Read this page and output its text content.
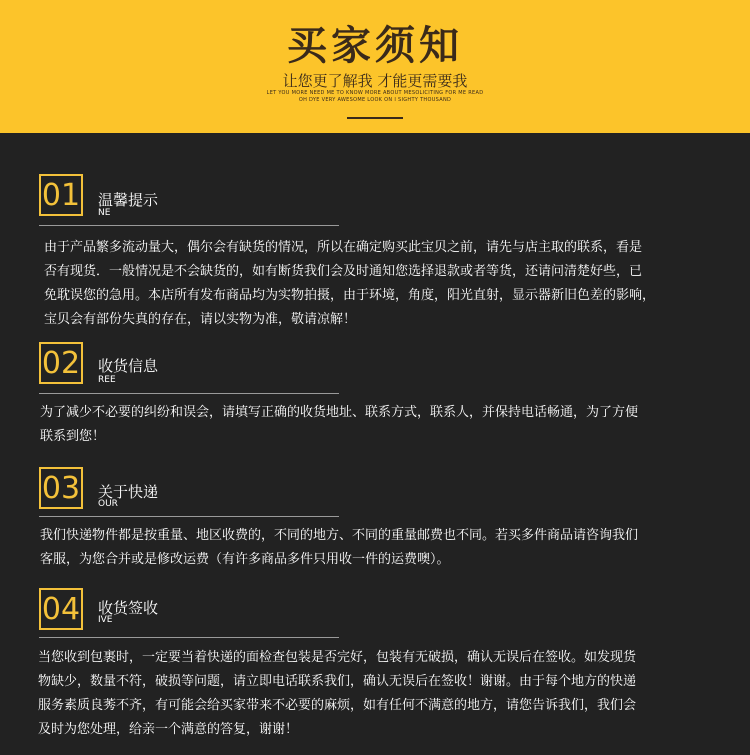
买家须知
让您更了解我 才能更需要我
LET YOU MORE NEED ME TO KNOW MORE ABOUT MESOLICITING FOR ME READ
OH DYE VERY AWESOME LOOK ON I SIGHTY THOUSAND
01 温馨提示
NE
由于产品繁多流动量大，偶尔会有缺货的情况，所以在确定购买此宝贝之前，请先与店主取的联系，看是
否有现货．一般情况是不会缺货的，如有断货我们会及时通知您选择退款或者等货，还请问清楚好些，已
免耽误您的急用。本店所有发布商品均为实物拍摄，由于环境，角度，阳光直射，显示器新旧色差的影响，
宝贝会有部份失真的存在，请以实物为准，敬请凉解！
02 收货信息
REE
为了减少不必要的纠纷和误会，请填写正确的收货地址、联系方式，联系人，并保持电话畅通，为了方便
联系到您！
03 关于快递
OUR
我们快递物件都是按重量、地区收费的，不同的地方、不同的重量邮费也不同。若买多件商品请咨询我们
客服，为您合并或是修改运费（有许多商品多件只用收一件的运费噢）。
04 收货签收
IVE
当您收到包裹时，一定要当着快递的面检查包装是否完好，包装有无破损，确认无误后在签收。如发现货
物缺少，数量不符，破损等问题，请立即电话联系我们，确认无误后在签收！谢谢。由于每个地方的快递
服务素质良莠不齐，有可能会给买家带来不必要的麻烦，如有任何不满意的地方，请您告诉我们，我们会
及时为您处理，给亲一个满意的答复，谢谢！
